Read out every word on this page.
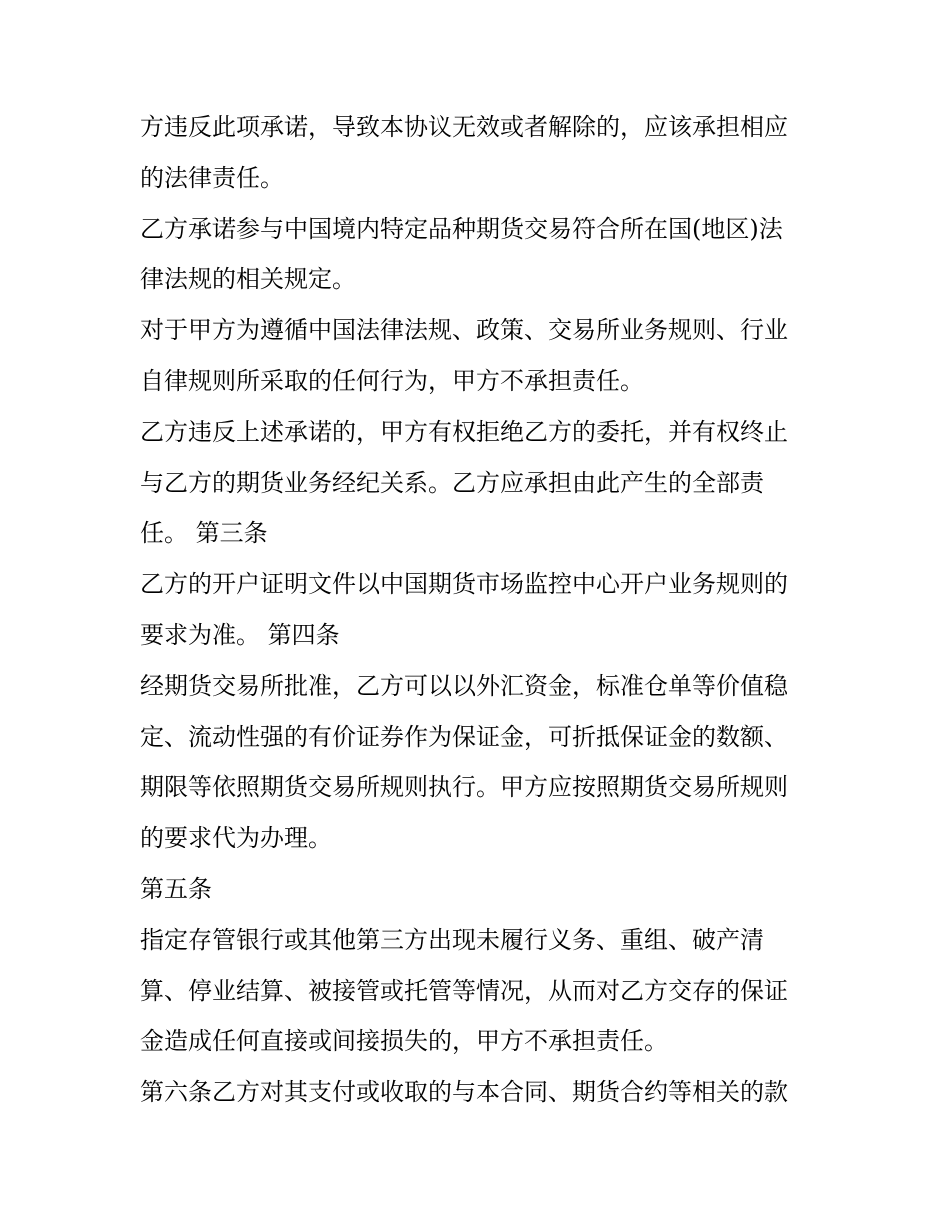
方违反此项承诺，导致本协议无效或者解除的，应该承担相应
的法律责任。
乙方承诺参与中国境内特定品种期货交易符合所在国(地区)法
律法规的相关规定。
对于甲方为遵循中国法律法规、政策、交易所业务规则、行业
自律规则所采取的任何行为，甲方不承担责任。
乙方违反上述承诺的，甲方有权拒绝乙方的委托，并有权终止
与乙方的期货业务经纪关系。乙方应承担由此产生的全部责
任。 第三条
乙方的开户证明文件以中国期货市场监控中心开户业务规则的
要求为准。 第四条
经期货交易所批准，乙方可以以外汇资金，标准仓单等价值稳
定、流动性强的有价证券作为保证金，可折抵保证金的数额、
期限等依照期货交易所规则执行。甲方应按照期货交易所规则
的要求代为办理。
第五条
指定存管银行或其他第三方出现未履行义务、重组、破产清
算、停业结算、被接管或托管等情况，从而对乙方交存的保证
金造成任何直接或间接损失的，甲方不承担责任。
第六条乙方对其支付或收取的与本合同、期货合约等相关的款
